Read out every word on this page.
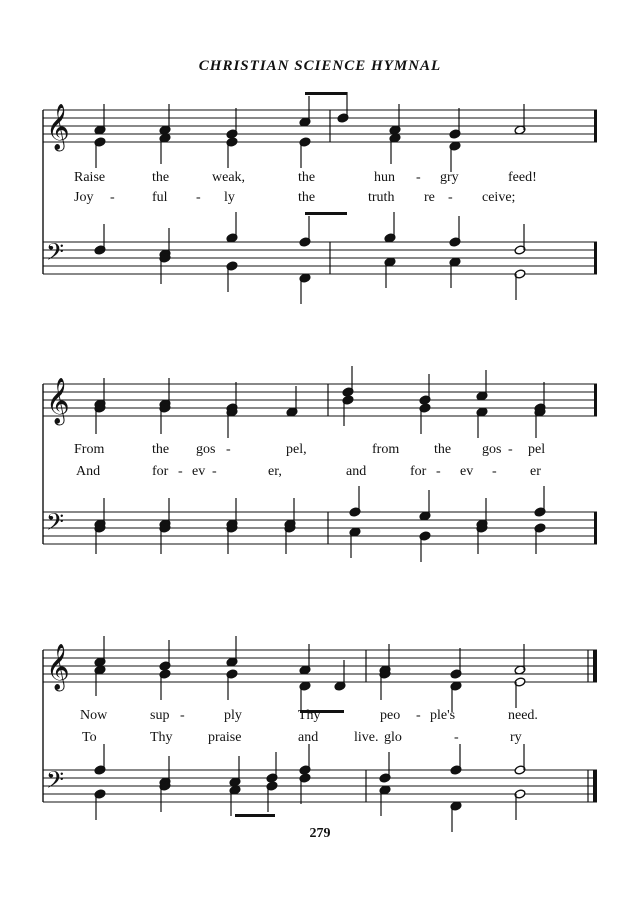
CHRISTIAN SCIENCE HYMNAL
𝄞
𝄢
𝄞
𝄢
𝄞
𝄢
Raise	the	weak,	the	hun - gry	feed!
Joy -	ful - ly	the	truth re - ceive;
From	the gos -	pel,	from the gos - pel
And	for - ev -	er,	and	for - ev - er
Now	sup -	ply	Thy	peo - ple's	need.
To	Thy	praise	and	glo	-	ry
live.
279
